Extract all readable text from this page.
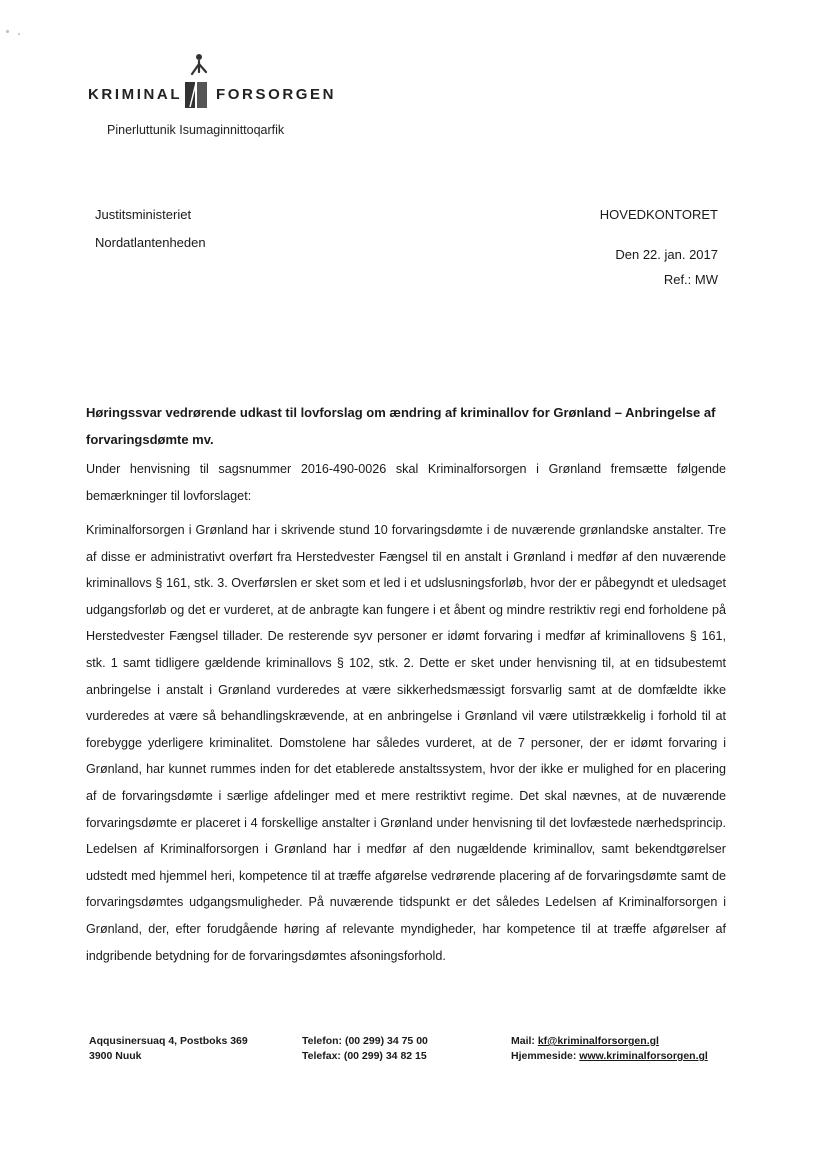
KRIMINAL FORSORGEN
Pinerluttunik Isumaginnittoqarfik
Justitsministeriet
Nordatlantenheden
HOVEDKONTORET
Den 22. jan. 2017
Ref.: MW

Høringssvar vedrørende udkast til lovforslag om ændring af kriminallov for Grønland – Anbringelse af forvaringsdømte mv.

Under henvisning til sagsnummer 2016-490-0026 skal Kriminalforsorgen i Grønland fremsætte følgende bemærkninger til lovforslaget:

Kriminalforsorgen i Grønland har i skrivende stund 10 forvaringsdømte i de nuværende grønlandske anstalter. Tre af disse er administrativt overført fra Herstedvester Fængsel til en anstalt i Grønland i medfør af den nuværende kriminallovs § 161, stk. 3. Overførslen er sket som et led i et udslusningsforløb, hvor der er påbegyndt et uledsaget udgangsforløb og det er vurderet, at de anbragte kan fungere i et åbent og mindre restriktiv regi end forholdene på Herstedvester Fængsel tillader. De resterende syv personer er idømt forvaring i medfør af kriminallovens § 161, stk. 1 samt tidligere gældende kriminallovs § 102, stk. 2. Dette er sket under henvisning til, at en tidsubestemt anbringelse i anstalt i Grønland vurderedes at være sikkerhedsmæssigt forsvarlig samt at de domfældte ikke vurderedes at være så behandlingskrævende, at en anbringelse i Grønland vil være utilstrækkelig i forhold til at forebygge yderligere kriminalitet. Domstolene har således vurderet, at de 7 personer, der er idømt forvaring i Grønland, har kunnet rummes inden for det etablerede anstaltssystem, hvor der ikke er mulighed for en placering af de forvaringsdømte i særlige afdelinger med et mere restriktivt regime. Det skal nævnes, at de nuværende forvaringsdømte er placeret i 4 forskellige anstalter i Grønland under henvisning til det lovfæstede nærhedsprincip. Ledelsen af Kriminalforsorgen i Grønland har i medfør af den nugældende kriminallov, samt bekendtgørelser udstedt med hjemmel heri, kompetence til at træffe afgørelse vedrørende placering af de forvaringsdømte samt de forvaringsdømtes udgangsmuligheder. På nuværende tidspunkt er det således Ledelsen af Kriminalforsorgen i Grønland, der, efter forudgående høring af relevante myndigheder, har kompetence til at træffe afgørelser af indgribende betydning for de forvaringsdømtes afsoningsforhold.

Aqqusinersuaq 4, Postboks 369
3900 Nuuk
Telefon: (00 299) 34 75 00
Telefax: (00 299) 34 82 15
Mail: kf@kriminalforsorgen.gl
Hjemmeside: www.kriminalforsorgen.gl
